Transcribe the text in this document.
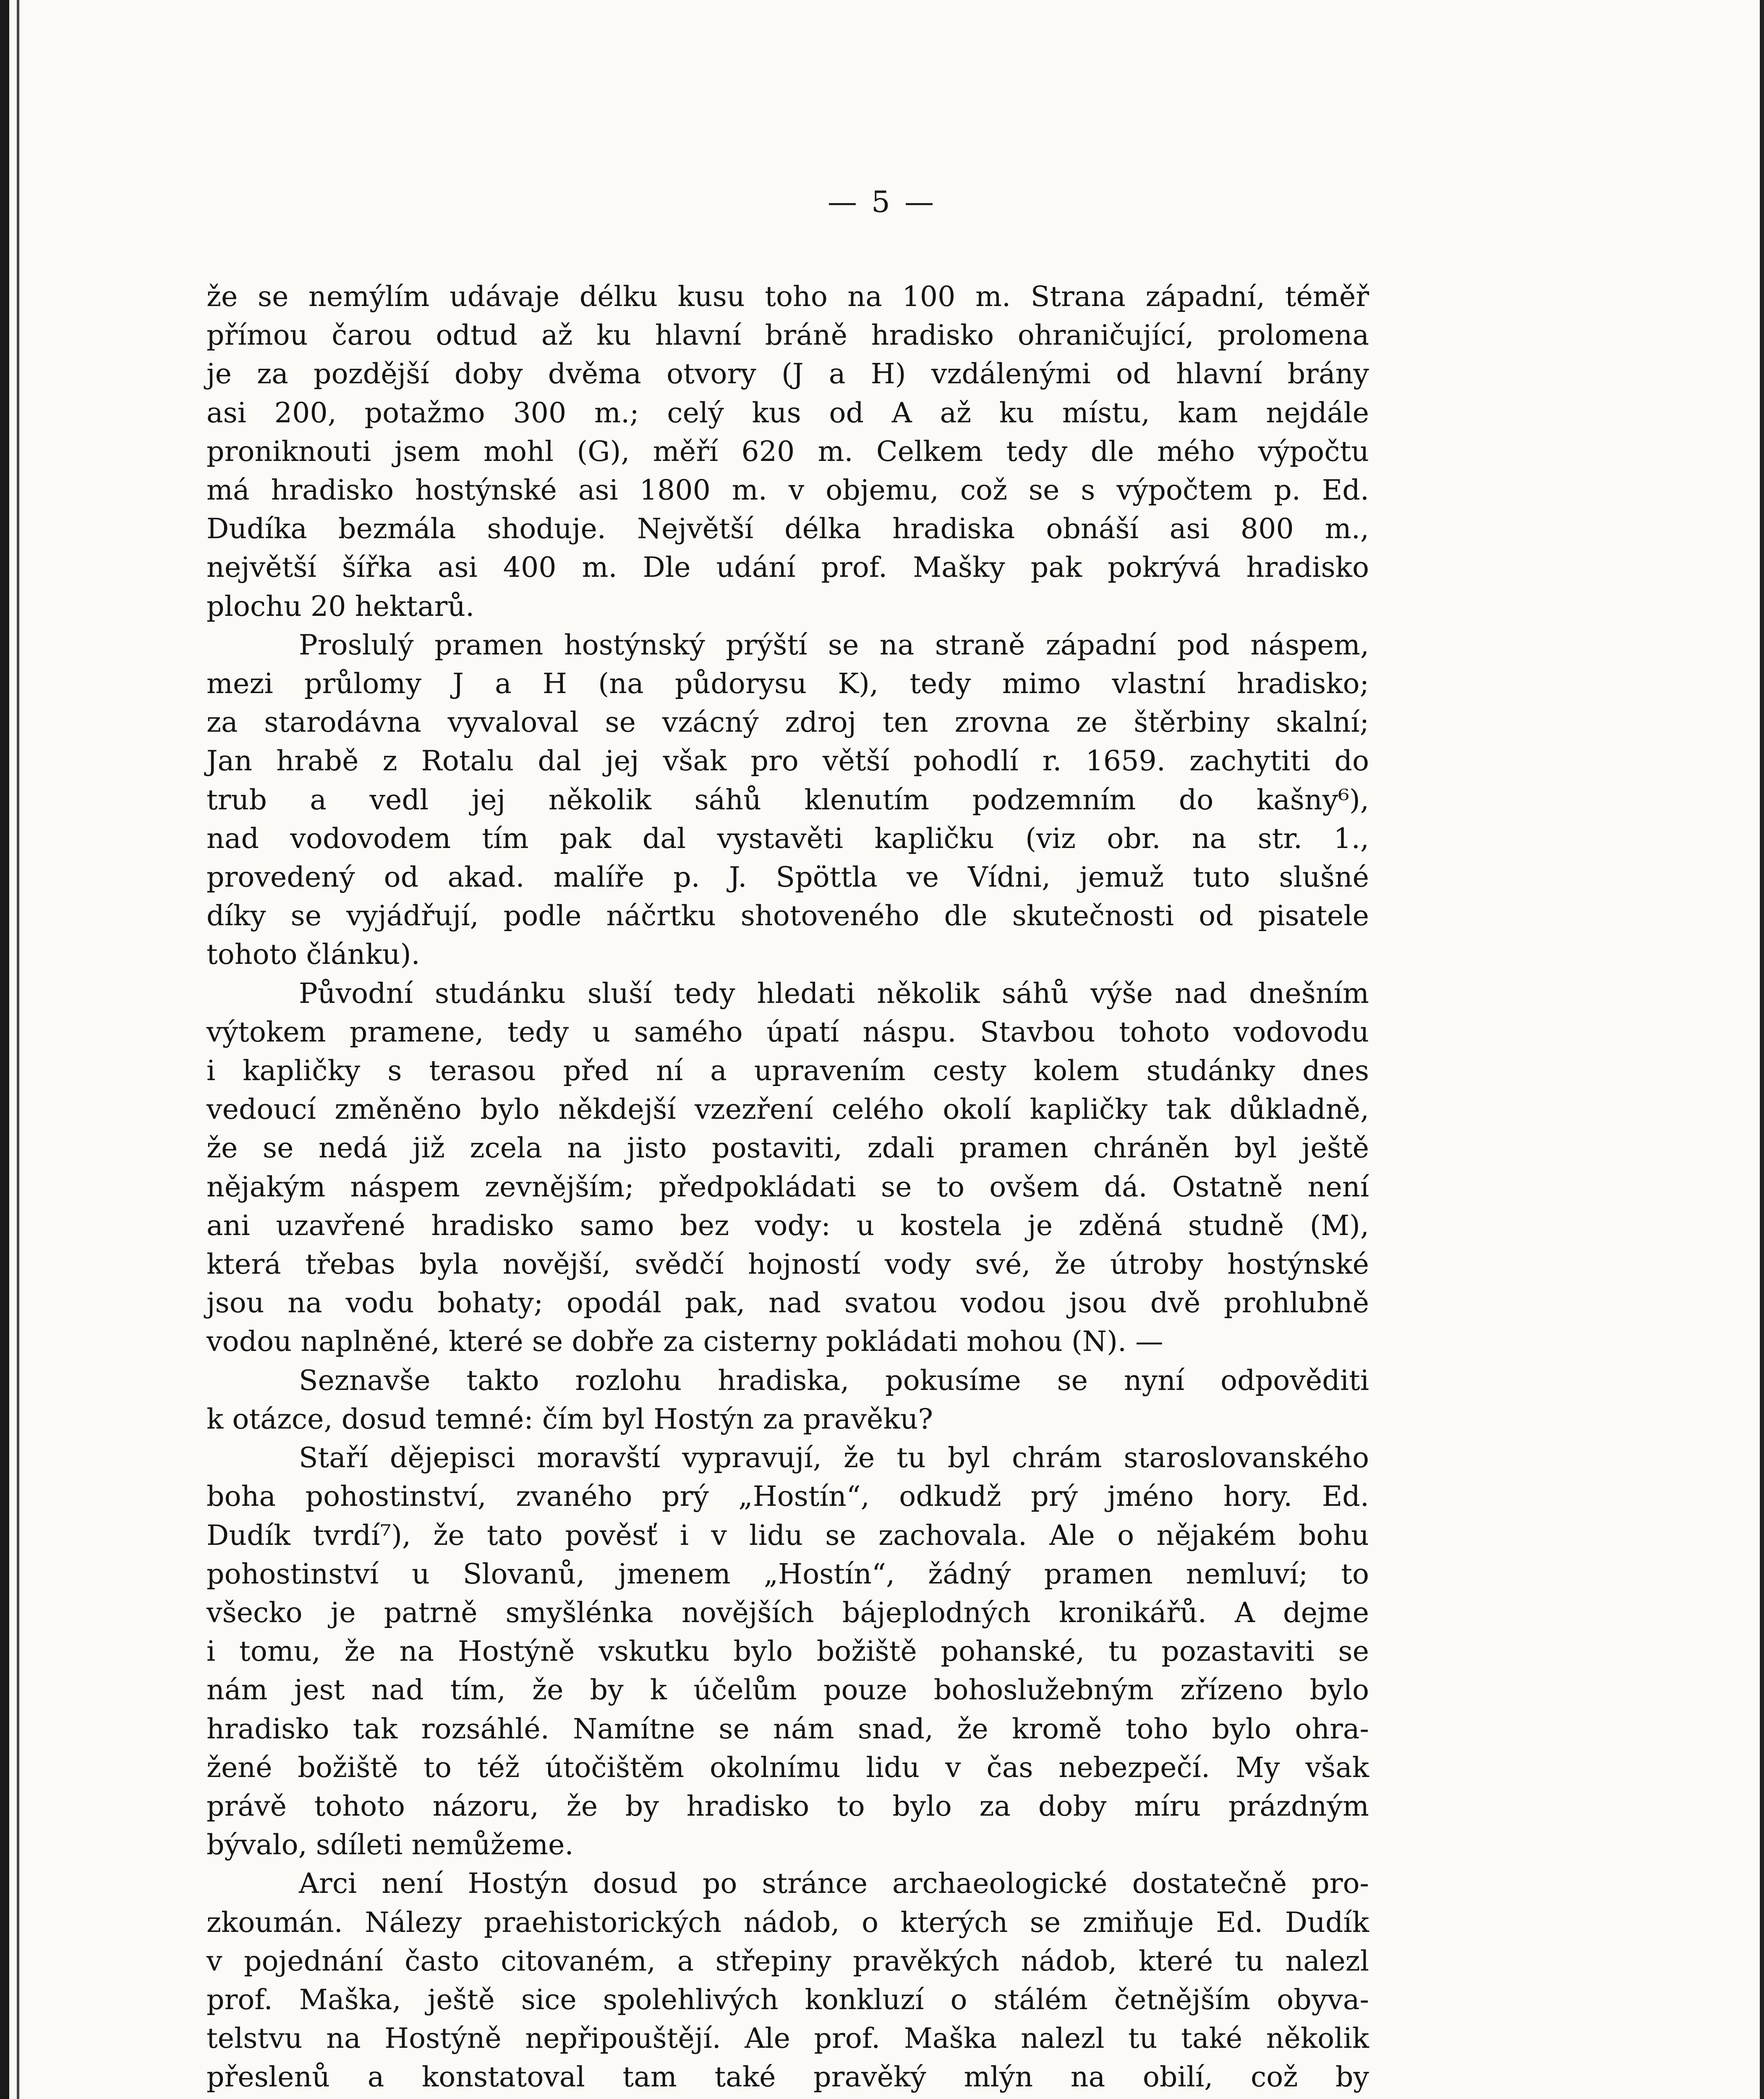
— 5 —
že se nemýlím udávaje délku kusu toho na 100 m. Strana západní, téměř
přímou čarou odtud až ku hlavní bráně hradisko ohraničující, prolomena
je za pozdější doby dvěma otvory (J a H) vzdálenými od hlavní brány
asi 200, potažmo 300 m.; celý kus od A až ku místu, kam nejdále
proniknouti jsem mohl (G), měří 620 m. Celkem tedy dle mého výpočtu
má hradisko hostýnské asi 1800 m. v objemu, což se s výpočtem p. Ed.
Dudíka bezmála shoduje. Největší délka hradiska obnáší asi 800 m.,
největší šířka asi 400 m. Dle udání prof. Mašky pak pokrývá hradisko
plochu 20 hektarů.
Proslulý pramen hostýnský prýští se na straně západní pod náspem,
mezi průlomy J a H (na půdorysu K), tedy mimo vlastní hradisko;
za starodávna vyvaloval se vzácný zdroj ten zrovna ze štěrbiny skalní;
Jan hrabě z Rotalu dal jej však pro větší pohodlí r. 1659. zachytiti do
trub a vedl jej několik sáhů klenutím podzemním do kašny⁶),
nad vodovodem tím pak dal vystavěti kapličku (viz obr. na str. 1.,
provedený od akad. malíře p. J. Spöttla ve Vídni, jemuž tuto slušné
díky se vyjádřují, podle náčrtku shotoveného dle skutečnosti od pisatele
tohoto článku).
Původní studánku sluší tedy hledati několik sáhů výše nad dnešním
výtokem pramene, tedy u samého úpatí náspu. Stavbou tohoto vodovodu
i kapličky s terasou před ní a upravením cesty kolem studánky dnes
vedoucí změněno bylo někdejší vzezření celého okolí kapličky tak důkladně,
že se nedá již zcela na jisto postaviti, zdali pramen chráněn byl ještě
nějakým náspem zevnějším; předpokládati se to ovšem dá. Ostatně není
ani uzavřené hradisko samo bez vody: u kostela je zděná studně (M),
která třebas byla novější, svědčí hojností vody své, že útroby hostýnské
jsou na vodu bohaty; opodál pak, nad svatou vodou jsou dvě prohlubně
vodou naplněné, které se dobře za cisterny pokládati mohou (N). —
Seznavše takto rozlohu hradiska, pokusíme se nyní odpověditi
k otázce, dosud temné: čím byl Hostýn za pravěku?
Staří dějepisci moravští vypravují, že tu byl chrám staroslovanského
boha pohostinství, zvaného prý „Hostín“, odkudž prý jméno hory. Ed.
Dudík tvrdí⁷), že tato pověsť i v lidu se zachovala. Ale o nějakém bohu
pohostinství u Slovanů, jmenem „Hostín“, žádný pramen nemluví; to
všecko je patrně smyšlénka novějších bájeplodných kronikářů. A dejme
i tomu, že na Hostýně vskutku bylo božiště pohanské, tu pozastaviti se
nám jest nad tím, že by k účelům pouze bohoslužebným zřízeno bylo
hradisko tak rozsáhlé. Namítne se nám snad, že kromě toho bylo ohra-
žené božiště to též útočištěm okolnímu lidu v čas nebezpečí. My však
právě tohoto názoru, že by hradisko to bylo za doby míru prázdným
bývalo, sdíleti nemůžeme.
Arci není Hostýn dosud po stránce archaeologické dostatečně pro-
zkoumán. Nálezy praehistorických nádob, o kterých se zmiňuje Ed. Dudík
v pojednání často citovaném, a střepiny pravěkých nádob, které tu nalezl
prof. Maška, ještě sice spolehlivých konkluzí o stálém četnějším obyva-
telstvu na Hostýně nepřipouštějí. Ale prof. Maška nalezl tu také několik
přeslenů a konstatoval tam také pravěký mlýn na obilí, což by
